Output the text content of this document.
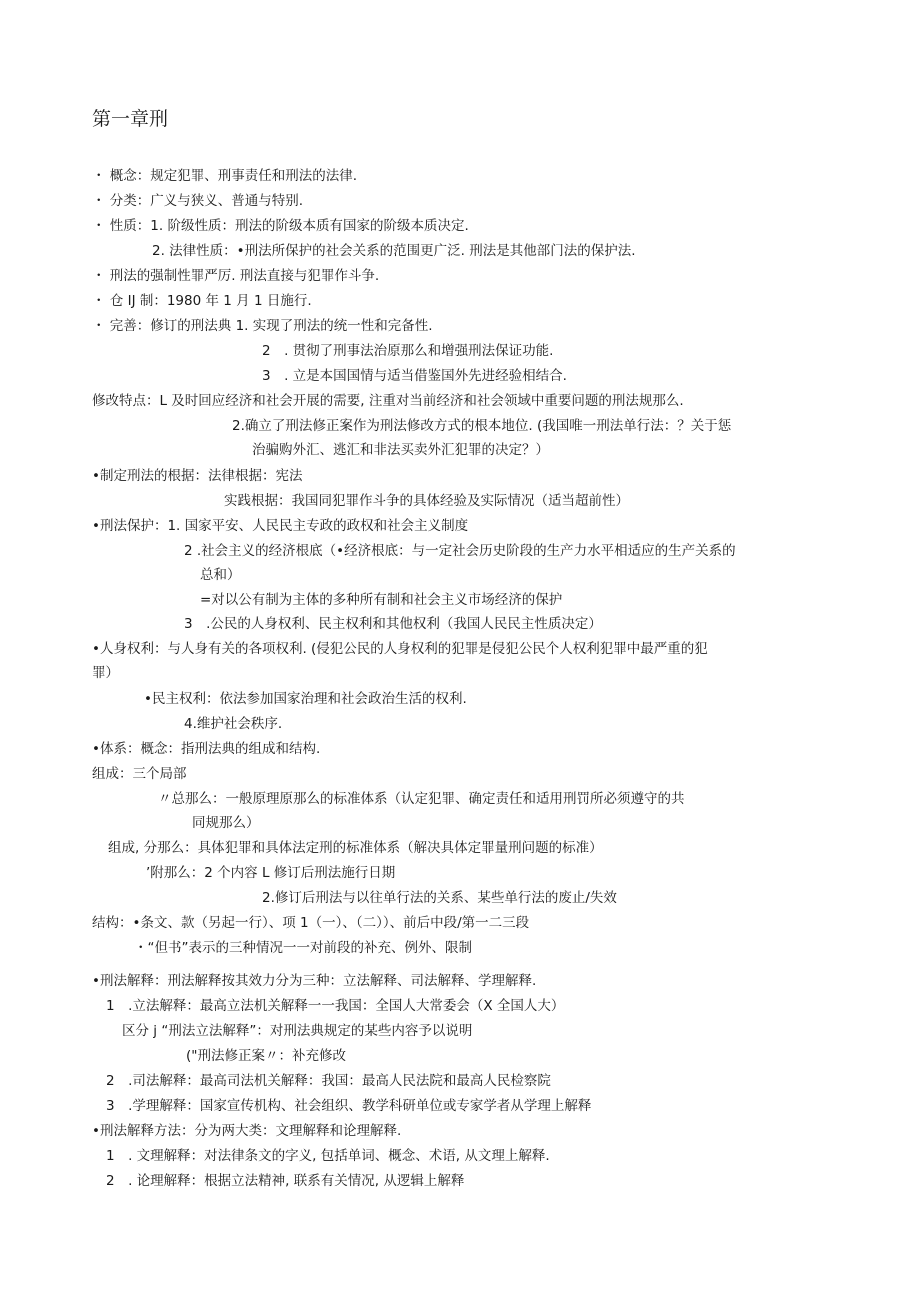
第一章刑
・ 概念：规定犯罪、刑事责任和刑法的法律.
・ 分类：广义与狭义、普通与特别.
・ 性质：1. 阶级性质：刑法的阶级本质有国家的阶级本质决定.
2. 法律性质：•刑法所保护的社会关系的范围更广泛. 刑法是其他部门法的保护法.
・ 刑法的强制性罪严厉. 刑法直接与犯罪作斗争.
・ 仓 IJ 制：1980 年 1 月 1 日施行.
・ 完善：修订的刑法典 1. 实现了刑法的统一性和完备性.
2　. 贯彻了刑事法治原那么和增强刑法保证功能.
3　. 立是本国国情与适当借鉴国外先进经验相结合.
修改特点：L 及时回应经济和社会开展的需要, 注重对当前经济和社会领域中重要问题的刑法规那么.
2.确立了刑法修正案作为刑法修改方式的根本地位. (我国唯一刑法单行法：？关于惩
治骗购外汇、逃汇和非法买卖外汇犯罪的决定？）
•制定刑法的根据：法律根据：宪法
实践根据：我国同犯罪作斗争的具体经验及实际情况（适当超前性）
•刑法保护：1. 国家平安、人民民主专政的政权和社会主义制度
2 .社会主义的经济根底（•经济根底：与一定社会历史阶段的生产力水平相适应的生产关系的
总和）
=对以公有制为主体的多种所有制和社会主义市场经济的保护
3　.公民的人身权利、民主权利和其他权利（我国人民民主性质决定）
•人身权利：与人身有关的各项权利. (侵犯公民的人身权利的犯罪是侵犯公民个人权利犯罪中最严重的犯
罪）
•民主权利：依法参加国家治理和社会政治生活的权利.
4.维护社会秩序.
•体系：概念：指刑法典的组成和结构.
组成：三个局部
〃总那么：一般原理原那么的标准体系（认定犯罪、确定责任和适用刑罚所必须遵守的共
同规那么）
组成, 分那么：具体犯罪和具体法定刑的标准体系（解决具体定罪量刑问题的标准）
’附那么：2 个内容 L 修订后刑法施行日期
2.修订后刑法与以往单行法的关系、某些单行法的废止/失效
结构：•条文、款（另起一行）、项 1（一）、（二））、前后中段/第一二三段
・“但书”表示的三种情况一一对前段的补充、例外、限制
•刑法解释：刑法解释按其效力分为三种：立法解释、司法解释、学理解释.
1　.立法解释：最高立法机关解释一一我国：全国人大常委会（X 全国人大）
区分 j “刑法立法解释”：对刑法典规定的某些内容予以说明
("刑法修正案〃：补充修改
2　.司法解释：最高司法机关解释：我国：最高人民法院和最高人民检察院
3　.学理解释：国家宣传机构、社会组织、教学科研单位或专家学者从学理上解释
•刑法解释方法：分为两大类：文理解释和论理解释.
1　. 文理解释：对法律条文的字义, 包括单词、概念、术语, 从文理上解释.
2　. 论理解释：根据立法精神, 联系有关情况, 从逻辑上解释
